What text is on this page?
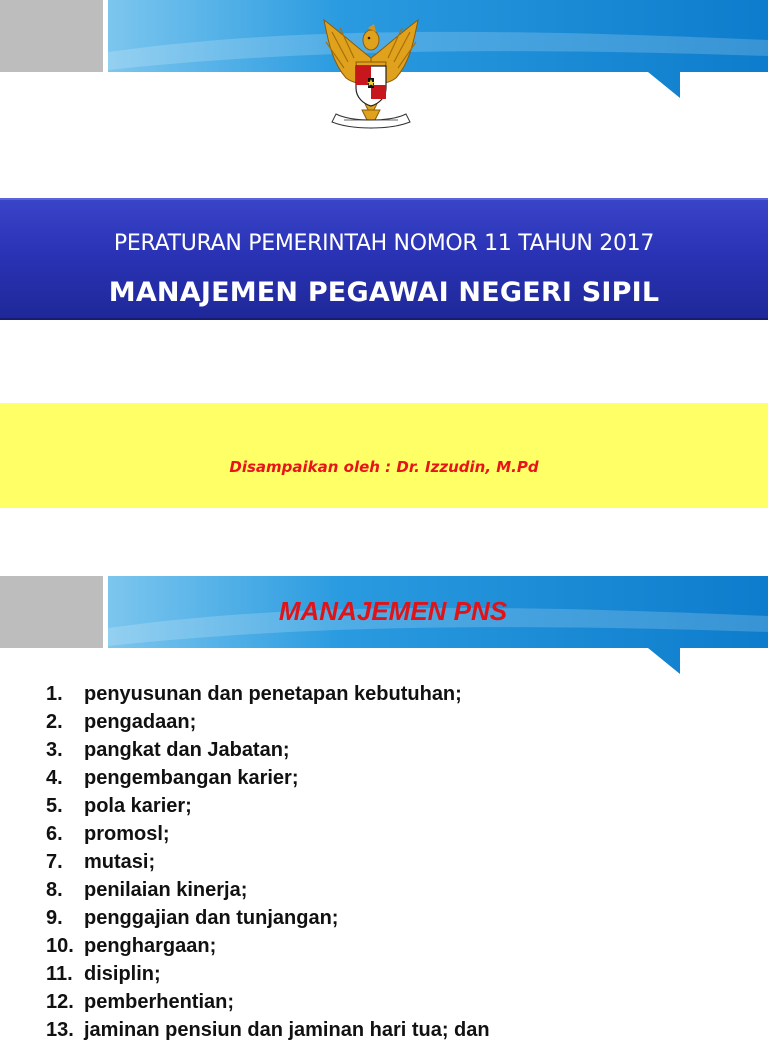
PERATURAN PEMERINTAH NOMOR 11 TAHUN 2017
MANAJEMEN PEGAWAI NEGERI SIPIL
Disampaikan oleh : Dr. Izzudin, M.Pd
MANAJEMEN PNS
1. penyusunan dan penetapan kebutuhan;
2. pengadaan;
3. pangkat dan Jabatan;
4. pengembangan karier;
5. pola karier;
6. promosl;
7. mutasi;
8. penilaian kinerja;
9. penggajian dan tunjangan;
10. penghargaan;
11. disiplin;
12. pemberhentian;
13. jaminan pensiun dan jaminan hari tua; dan
